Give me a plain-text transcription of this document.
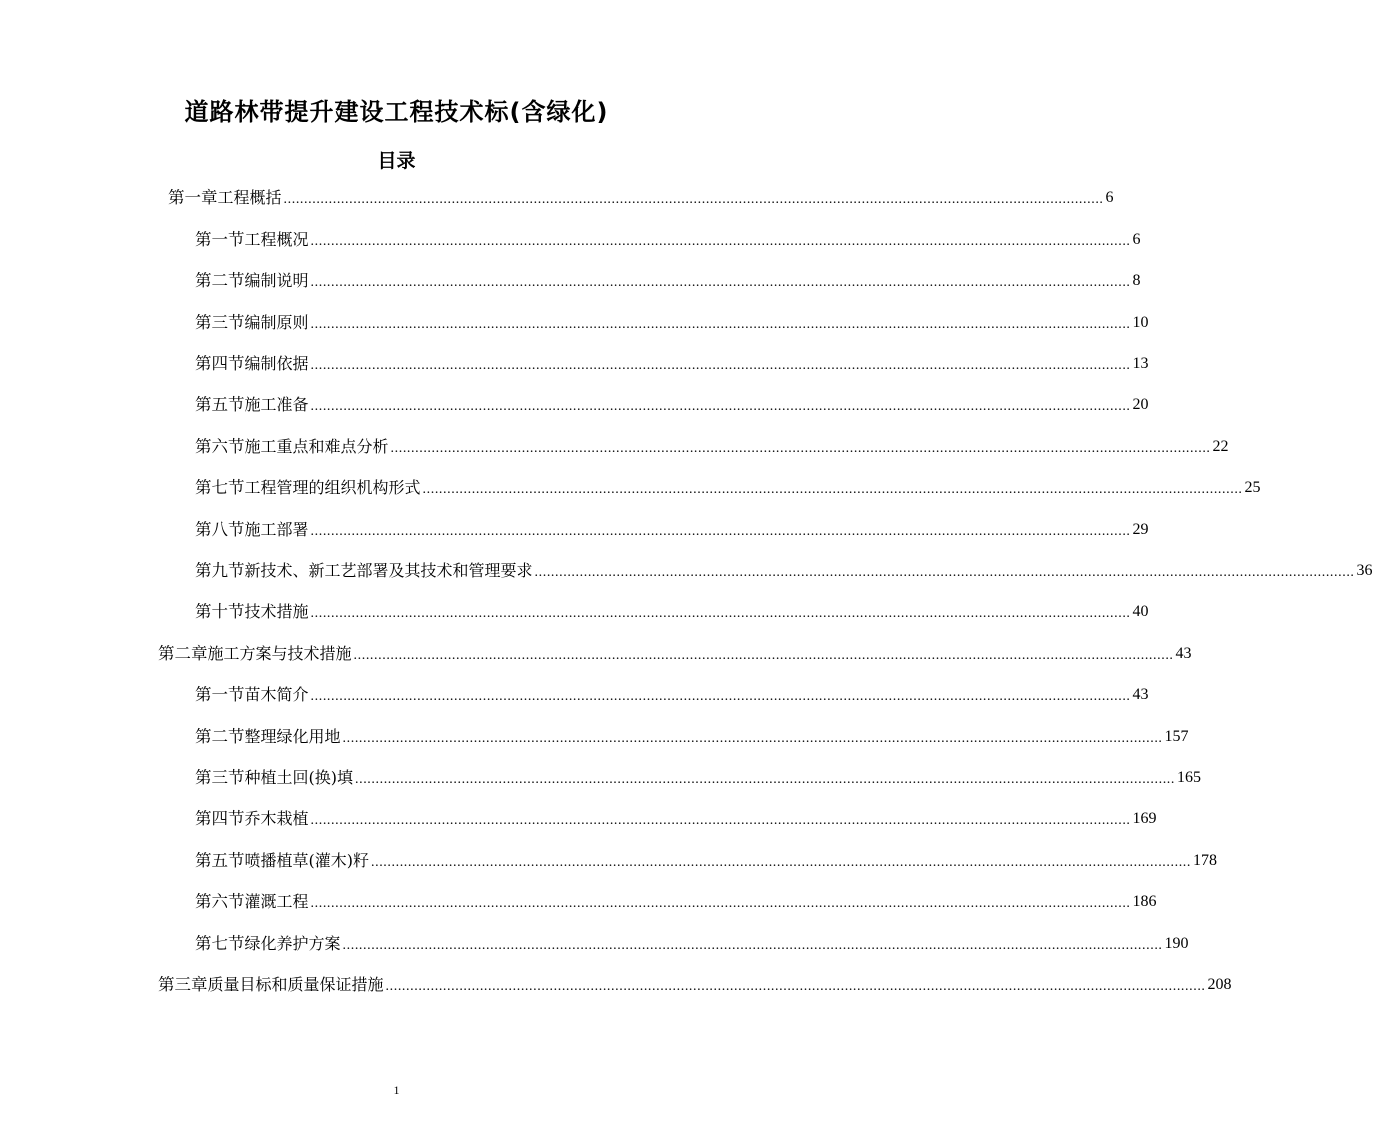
道路林带提升建设工程技术标(含绿化)
目录
第一章 工程概括 ........................................................................................................................................................................................................ 6
第一节 工程概况 ........................................................................................................................................................................................................ 6
第二节 编制说明 ........................................................................................................................................................................................................ 8
第三节 编制原则 ........................................................................................................................................................................................................ 10
第四节 编制依据 ........................................................................................................................................................................................................ 13
第五节 施工准备 ........................................................................................................................................................................................................ 20
第六节 施工重点和难点分析 ........................................................................................................................................................................................................ 22
第七节 工程管理的组织机构形式 ........................................................................................................................................................................................................ 25
第八节 施工部署 ........................................................................................................................................................................................................ 29
第九节 新技术、新工艺部署及其技术和管理要求 ........................................................................................................................................................................................................ 36
第十节 技术措施 ........................................................................................................................................................................................................ 40
第二章 施工方案与技术措施 ........................................................................................................................................................................................................ 43
第一节 苗木简介 ........................................................................................................................................................................................................ 43
第二节 整理绿化用地 ........................................................................................................................................................................................................ 157
第三节 种植土回(换)填 ........................................................................................................................................................................................................ 165
第四节 乔木栽植 ........................................................................................................................................................................................................ 169
第五节 喷播植草(灌木)籽 ........................................................................................................................................................................................................ 178
第六节 灌溉工程 ........................................................................................................................................................................................................ 186
第七节 绿化养护方案 ........................................................................................................................................................................................................ 190
第三章 质量目标和质量保证措施 ........................................................................................................................................................................................................ 208
1
